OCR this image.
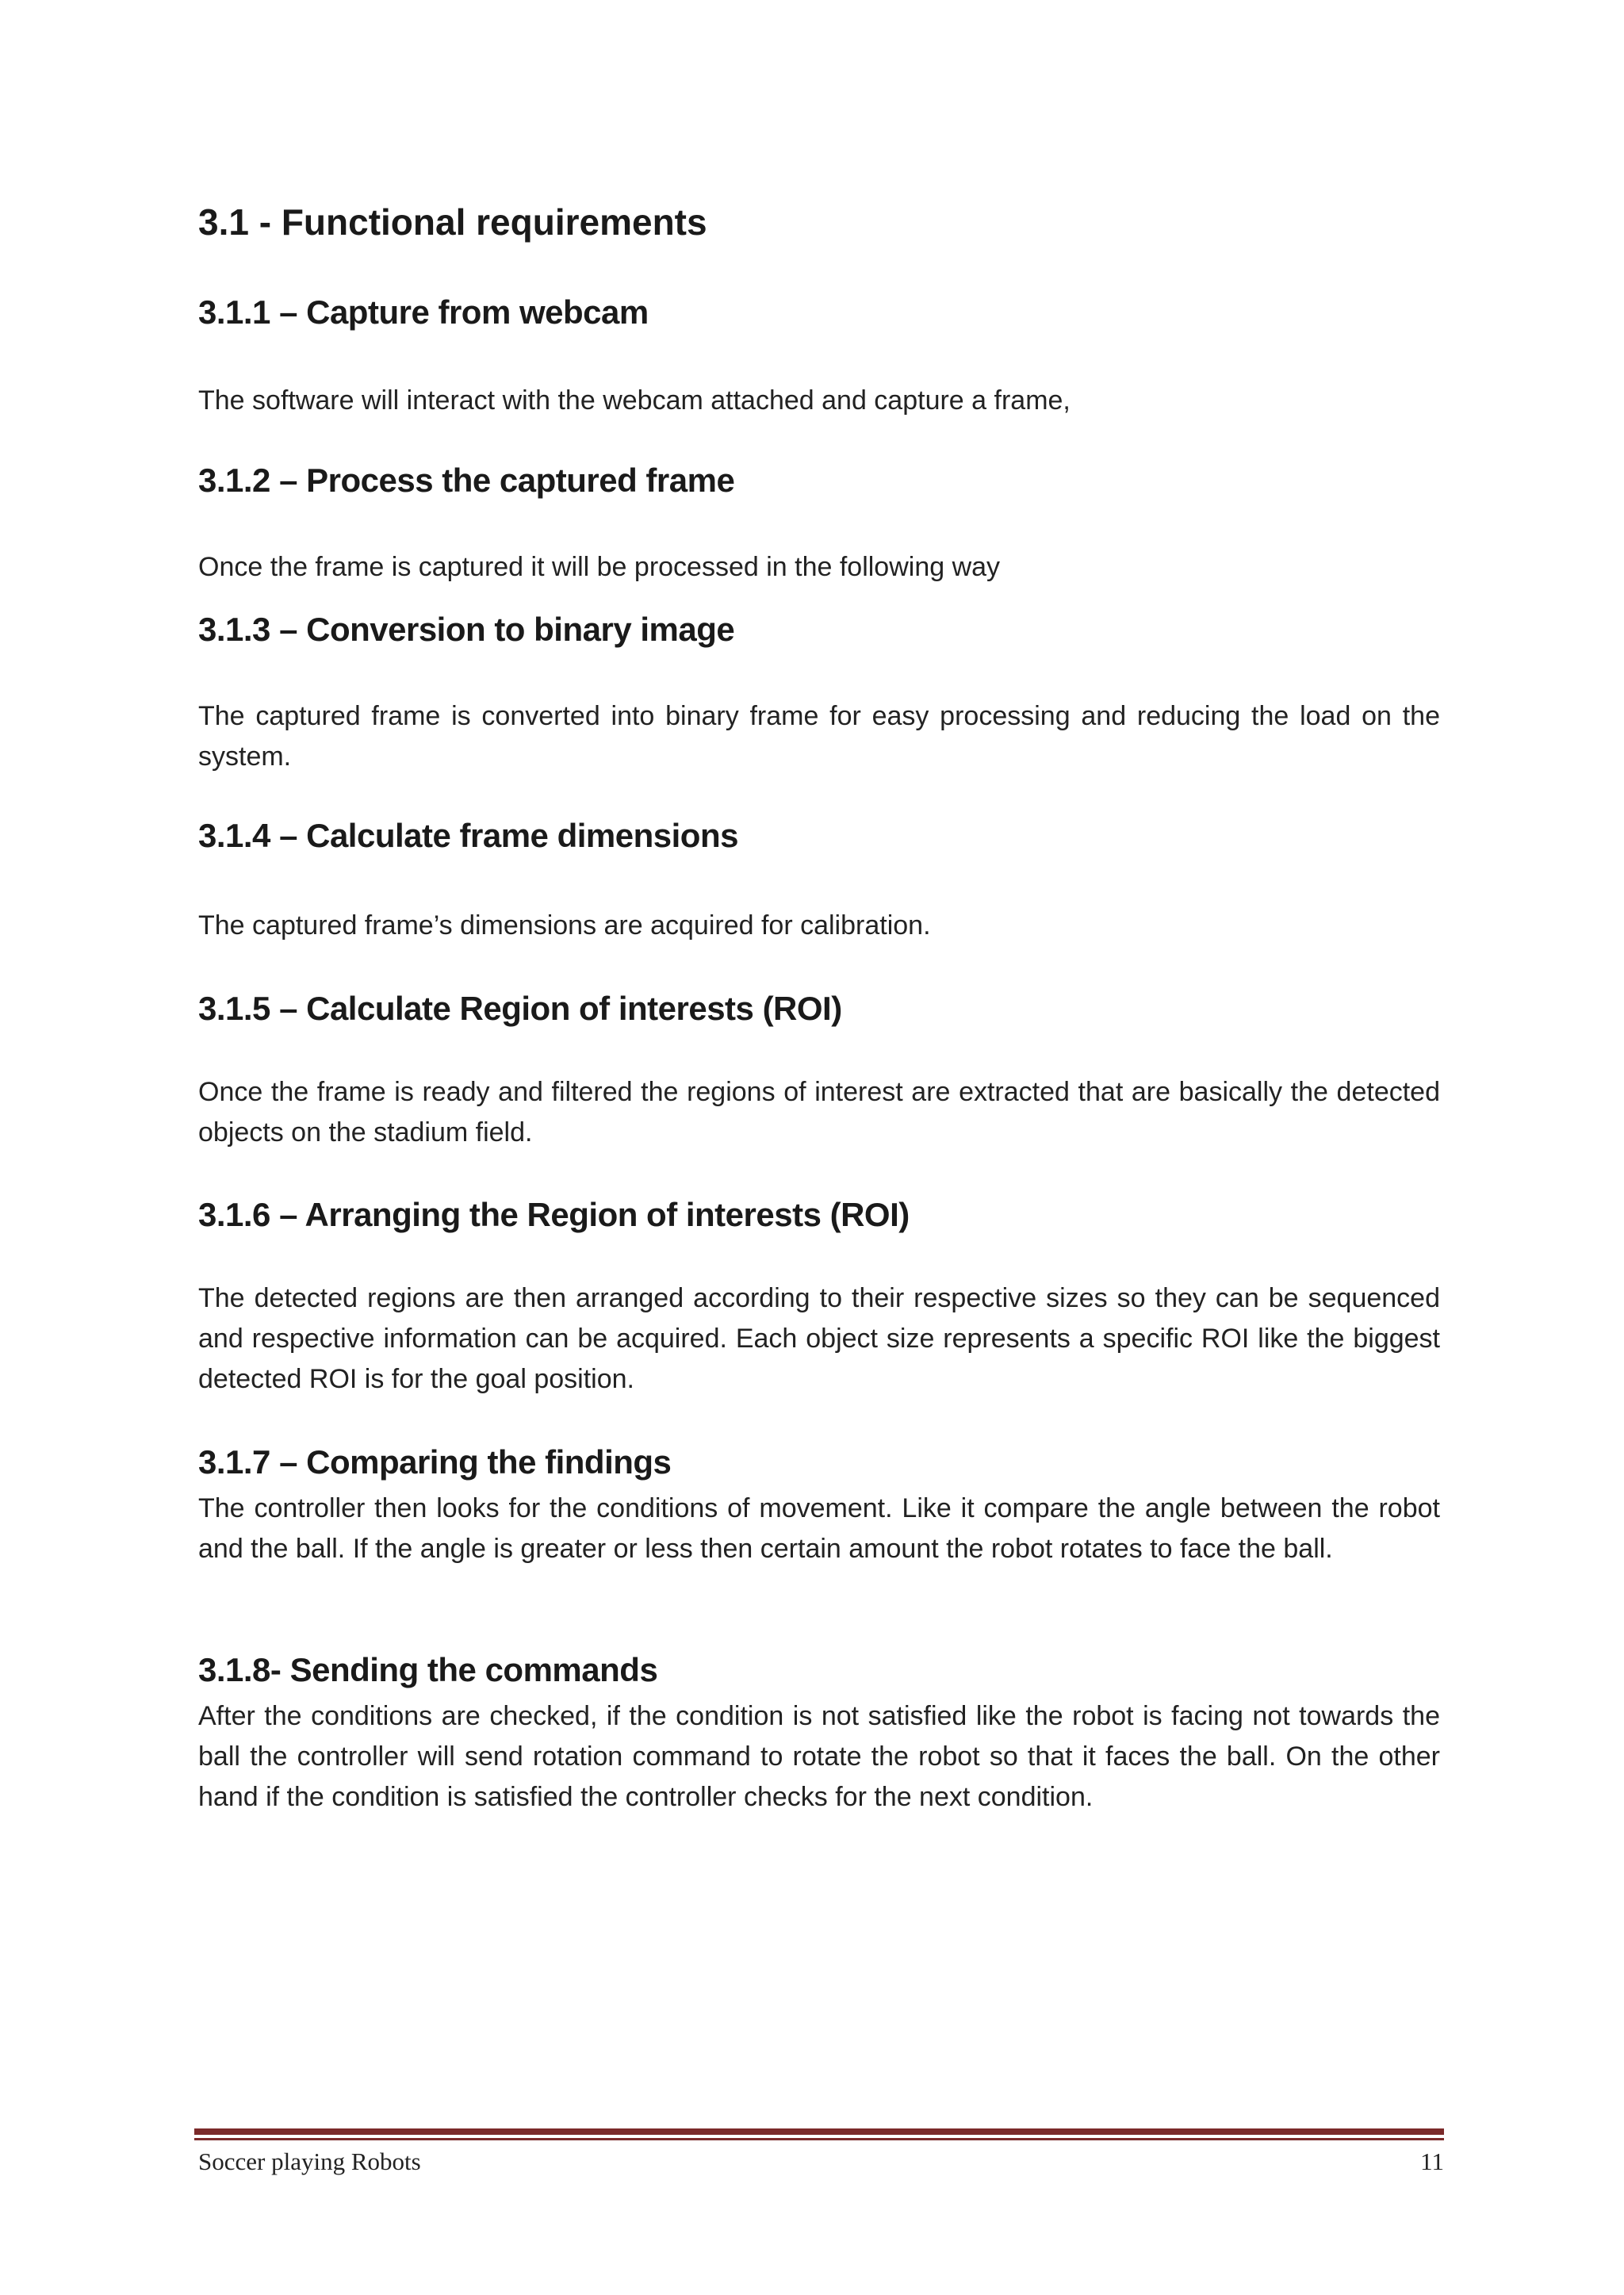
3.1 - Functional requirements
3.1.1 – Capture from webcam

The software will interact with the webcam attached and capture a frame,

3.1.2 – Process the captured frame

Once the frame is captured it will be processed in the following way

3.1.3 – Conversion to binary image

The captured frame is converted into binary frame for easy processing and reducing the load on the system.

3.1.4 – Calculate frame dimensions

The captured frame’s dimensions are acquired for calibration.

3.1.5 – Calculate Region of interests (ROI)

Once the frame is ready and filtered the regions of interest are extracted that are basically the detected objects on the stadium field.

3.1.6 – Arranging the Region of interests (ROI)

The detected regions are then arranged according to their respective sizes so they can be sequenced and respective information can be acquired. Each object size represents a specific ROI like the biggest detected ROI is for the goal position.

3.1.7 – Comparing the findings

The controller then looks for the conditions of movement. Like it compare the angle between the robot and the ball. If the angle is greater or less then certain amount the robot rotates to face the ball.

3.1.8- Sending the commands

After the conditions are checked, if the condition is not satisfied like the robot is facing not towards the ball the controller will send rotation command to rotate the robot so that it faces the ball. On the other hand if the condition is satisfied the controller checks for the next condition.

Soccer playing Robots	11
